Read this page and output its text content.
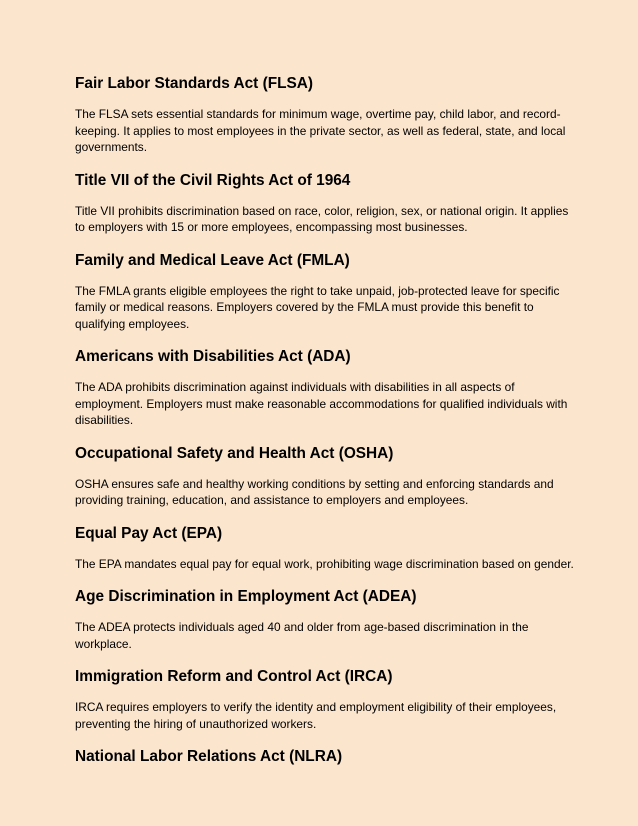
Fair Labor Standards Act (FLSA)

The FLSA sets essential standards for minimum wage, overtime pay, child labor, and record-keeping. It applies to most employees in the private sector, as well as federal, state, and local governments.

Title VII of the Civil Rights Act of 1964

Title VII prohibits discrimination based on race, color, religion, sex, or national origin. It applies to employers with 15 or more employees, encompassing most businesses.

Family and Medical Leave Act (FMLA)

The FMLA grants eligible employees the right to take unpaid, job-protected leave for specific family or medical reasons. Employers covered by the FMLA must provide this benefit to qualifying employees.

Americans with Disabilities Act (ADA)

The ADA prohibits discrimination against individuals with disabilities in all aspects of employment. Employers must make reasonable accommodations for qualified individuals with disabilities.

Occupational Safety and Health Act (OSHA)

OSHA ensures safe and healthy working conditions by setting and enforcing standards and providing training, education, and assistance to employers and employees.

Equal Pay Act (EPA)

The EPA mandates equal pay for equal work, prohibiting wage discrimination based on gender.

Age Discrimination in Employment Act (ADEA)

The ADEA protects individuals aged 40 and older from age-based discrimination in the workplace.

Immigration Reform and Control Act (IRCA)

IRCA requires employers to verify the identity and employment eligibility of their employees, preventing the hiring of unauthorized workers.

National Labor Relations Act (NLRA)
